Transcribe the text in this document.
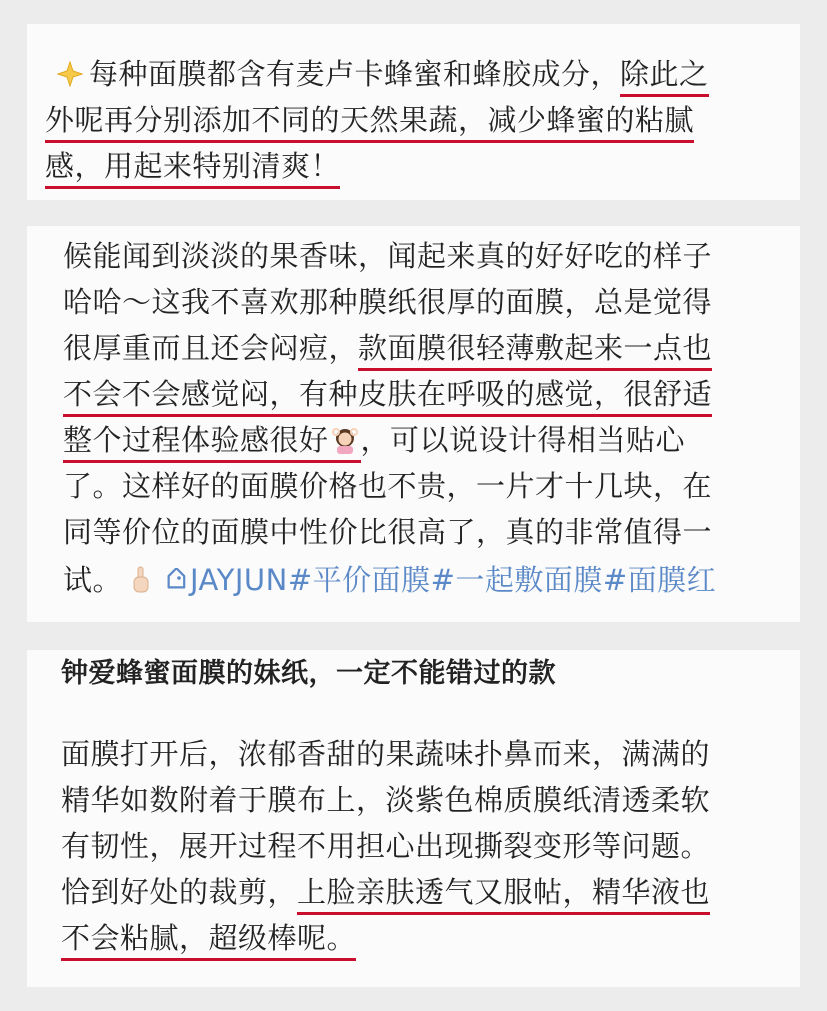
每种面膜都含有麦卢卡蜂蜜和蜂胶成分，除此之
外呢再分别添加不同的天然果蔬，减少蜂蜜的粘腻
感，用起来特别清爽！
候能闻到淡淡的果香味，闻起来真的好好吃的样子
哈哈～这我不喜欢那种膜纸很厚的面膜，总是觉得
很厚重而且还会闷痘，款面膜很轻薄敷起来一点也
不会不会感觉闷，有种皮肤在呼吸的感觉，很舒适
整个过程体验感很好 ，可以说设计得相当贴心
了。这样好的面膜价格也不贵，一片才十几块，在
同等价位的面膜中性价比很高了，真的非常值得一
试。 JAYJUN#平价面膜#一起敷面膜#面膜红
钟爱蜂蜜面膜的妹纸，一定不能错过的款
面膜打开后，浓郁香甜的果蔬味扑鼻而来，满满的
精华如数附着于膜布上，淡紫色棉质膜纸清透柔软
有韧性，展开过程不用担心出现撕裂变形等问题。
恰到好处的裁剪，上脸亲肤透气又服帖，精华液也
不会粘腻，超级棒呢。
